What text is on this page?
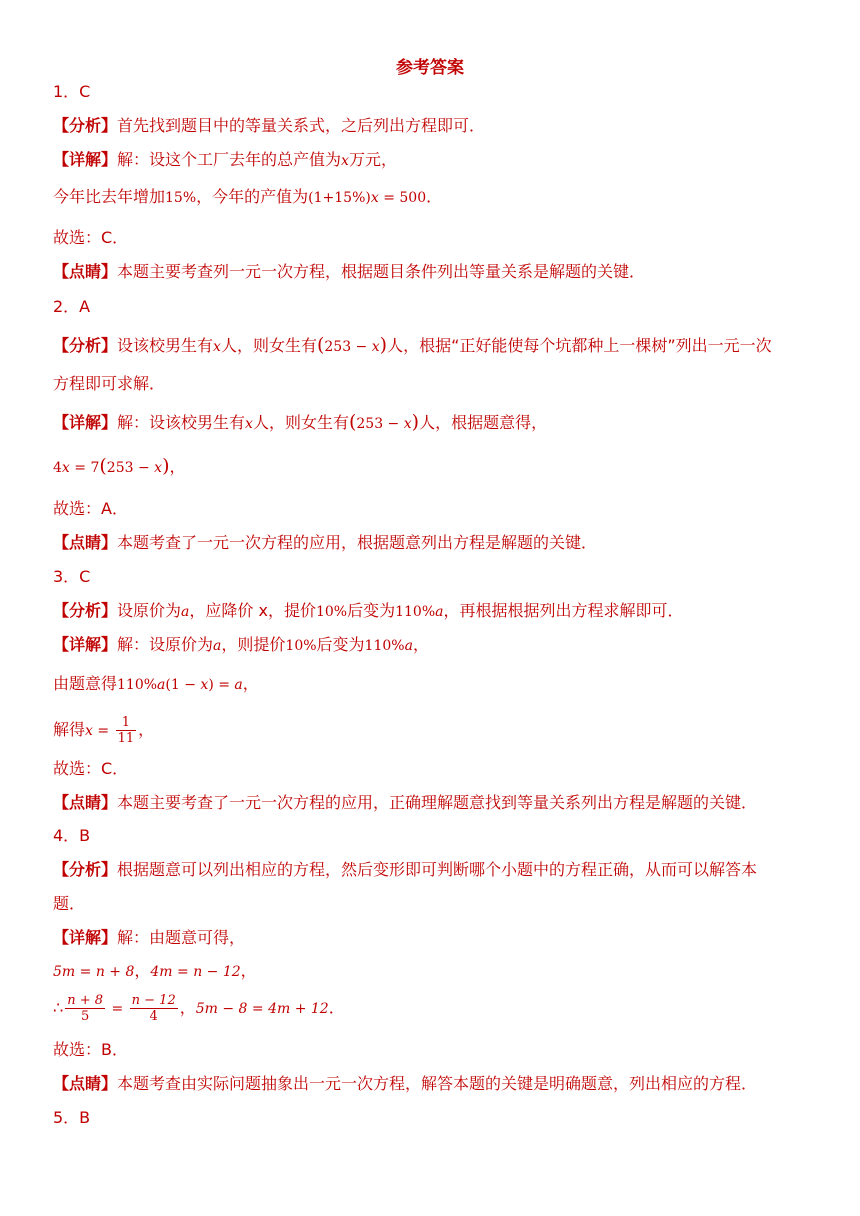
参考答案
1．C
【分析】首先找到题目中的等量关系式，之后列出方程即可．
【详解】解：设这个工厂去年的总产值为x万元，
今年比去年增加15%，今年的产值为(1+15%)x = 500．
故选：C．
【点睛】本题主要考查列一元一次方程，根据题目条件列出等量关系是解题的关键．
2．A
【分析】设该校男生有x人，则女生有(253 − x)人，根据“正好能使每个坑都种上一棵树”列出一元一次
方程即可求解．
【详解】解：设该校男生有x人，则女生有(253 − x)人，根据题意得，
4x = 7(253 − x)，
故选：A．
【点睛】本题考查了一元一次方程的应用，根据题意列出方程是解题的关键．
3．C
【分析】设原价为a，应降价 x，提价10%后变为110%a，再根据根据列出方程求解即可．
【详解】解：设原价为a，则提价10%后变为110%a，
由题意得110%a(1 − x) = a，
解得$x = \frac{1}{11}$ ，
故选：C．
【点睛】本题主要考查了一元一次方程的应用，正确理解题意找到等量关系列出方程是解题的关键．
4．B
【分析】根据题意可以列出相应的方程，然后变形即可判断哪个小题中的方程正确，从而可以解答本
题．
【详解】解：由题意可得，
5m = n + 8，4m = n − 12，
∴ $\frac{n + 8}{5} = \frac{n - 12}{4}$ ，5m − 8 = 4m + 12．
故选：B．
【点睛】本题考查由实际问题抽象出一元一次方程，解答本题的关键是明确题意，列出相应的方程．
5．B
